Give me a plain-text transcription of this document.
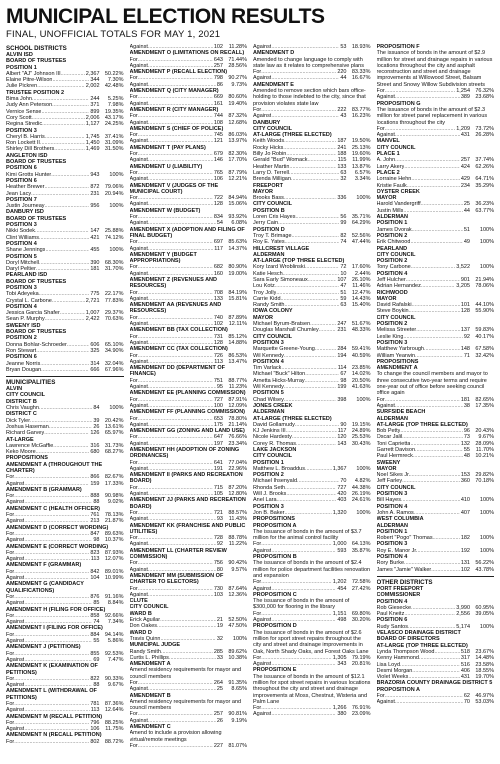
MUNICIPAL ELECTION RESULTS
FINAL, UNOFFICIAL TOTALS FOR MAY 1, 2021
SCHOOL DISTRICTS
ALVIN ISD
BOARD OF TRUSTEES
POSITION 1
Albert "AJ" Johnson III .....	2,367 50.22%
Elaine Pitre-Wilson .....	344	7.30%
Julie Pickren .....	2,002 42.48%
TRUSTEE POSITION 2
Bima John .....	244	5.25%
Judy Ann Peterson .....	371	7.98%
Vernice Sense .....	899 19.35%
Cory Scott .....	2,006 43.17%
Regina Stredic .....	1,127 24.25%
POSITION 3
Cheryl B. Harris .....	1,745 37.41%
Ron Lockett II .....	1,450 31.09%
Shirley Dill Brothers .....	1,469 31.50%
ANGLETON ISD
BOARD OF TRUSTEES
POSITION 6
Kimi Grotts Hunter .....	943	100%
POSITION 6
Heather Brewer .....	872 79.06%
Jean Lacy .....	231 20.94%
POSITION 7
Justin Journeay .....	956	100%
DANBURY ISD
BOARD OF TRUSTEES
POSITION 3
Nikki Sodek .....	147 25.88%
Clint Williams .....	421 74.12%
POSITION 4
Shane Jennings .....	455	100%
POSITION 5
Doryl Mitchell .....	390 68.30%
Daryl Peltier .....	181 31.70%
PEARLAND ISD
BOARD OF TRUSTEES
POSITION 3
Tobi Adeyeka .....	775 22.17%
Crystal L. Carbone .....	2,721 77.83%
POSITION 4
Jessica Garcia Shafer .....	1,007 29.37%
Sean P. Murphy .....	2,422 70.63%
SWEENY ISD
BOARD OF TRUSTEES
POSITION 2
Donna Bohlar-Schroeder .....	606 65.10%
Ron Stewart .....	325 34.90%
POSITION 6
Jeanne Norris .....	314 32.04%
Bryan Dougan .....	666 67.96%
MUNICIPALITIES
ALVIN
CITY COUNCIL
DISTRICT B
Chris Vaughn .....	84	100%
DISTRICT C
Dick Tyler .....	39 20.42%
Joshua Haseman .....	26 13.61%
Richard Garvey .....	126 65.97%
AT-LARGE
Lawrence McGaffie .....	316 31.73%
Keko Moore .....	680 68.27%
PROPOSITIONS
AMENDMENT A (THROUGHOUT THE CHARTER)
For .....	866 82.67%
Against .....	159 17.33%
AMENDMENT B (GRAMMAR)
For .....	888 90.98%
Against .....	88	9.02%
AMENDMENT C (HEALTH OFFICER)
For .....	761 78.13%
Against .....	213 21.87%
AMENDMENT D (CORRECT WORDING)
For .....	847 89.63%
Against .....	98 10.37%
AMENDMENT E (CORRECT WORDING)
For .....	823 87.93%
Against .....	113 12.07%
AMENDMENT F (GRAMMAR)
For .....	842 89.01%
Against .....	104 10.99%
AMENDMENT G (CANDIDACY QUALIFICATIONS)
For .....	876 91.16%
Against .....	85	8.84%
AMENDMENT H (FILING FOR OFFICE)
For .....	858 92.66%
Against .....	74	7.34%
AMENDMENT I (FILING FOR OFFICE)
For .....	884 94.14%
Against .....	55	5.86%
AMENDMENT J (PETITIONS)
For .....	855 92.53%
Against .....	69	7.47%
AMENDMENT K (EXAMINATION OF PETITIONS)
For .....	822 90.33%
Against .....	88	9.67%
AMENDMENT L (WITHDRAWAL OF PETITIONS)
For .....	781 87.36%
Against .....	113 12.64%
AMENDMENT M (RECALL PETITION)
For .....	796 88.25%
Against .....	106	11.75%
AMENDMENT N (RECALL PETITION)
For .....	802 88.72%
Against .....	102	11.28%
AMENDMENT O (LIMITATIONS ON RECALL)
For .....	643 71.44%
Against .....	257 28.56%
AMENDMENT P (RECALL ELECTION)
For .....	798 90.27%
Against .....	86	9.73%
AMENDMENT Q (CITY MANAGER)
For .....	669 80.60%
Against .....	161 19.40%
AMENDMENT R (CITY MANAGER)
For .....	744 87.32%
Against .....	108 12.68%
AMENDMENT S (CHIEF OF POLICE)
For .....	745 86.03%
Against .....	121 13.97%
AMENDMENT T (PAY PLANS)
For .....	679 82.30%
Against .....	146 17.70%
AMENDMENT U (LIABILITY)
For .....	765 87.79%
Against .....	106 12.21%
AMENDMENT V (JUDGES OF THE MUNICIPAL COURT)
For .....	722 84.94%
Against .....	128 15.06%
AMENDMENT W (BUDGET)
For .....	834 93.92%
Against .....	54	6.08%
AMENDMENT X (ADOPTION AND FILING OF FINAL BUDGET)
For .....	697 85.63%
Against .....	117 14.37%
AMENDMENT Y (BUDGET APPROPRIATIONS)
For .....	682 80.90%
Against .....	160 19.00%
AMENDMENT Z (REVENUES AND RESOURCES)
For .....	708 84.19%
Against .....	133 15.81%
AMENDMENT AA (REVENUES AND RESOURCES)
For .....	740 87.89%
Against .....	102	12.11%
AMENDMENT BB (TAX COLLECTION)
For .....	731 85.12%
Against .....	128 14.88%
AMENDMENT CC (TAX COLLECTION)
For .....	726 86.53%
Against .....	113 13.47%
AMENDMENT DD (DEPARTMENT OF FINANCE)
For .....	751 88.77%
Against .....	95	11.23%
AMENDMENT EE (PLANNING COMMISSION)
For .....	727 87.91%
Against .....	100 12.09%
AMENDMENT FF (PLANNING COMMISSION)
For .....	653 78.80%
Against .....	175 21.14%
AMENDMENT GG (ZONING AND LAND USE)
For .....	647 76.66%
Against .....	197 23.34%
AMENDMENT HH (ADOPTION OF ZONING ORDINANCES)
For .....	641 77.04%
Against .....	191 22.96%
AMENDMENT II (PARKS AND RECREATION BOARD)
For .....	715 87.20%
Against .....	105 12.80%
AMENDMENT JJ (PARKS AND RECREATION BOARD)
For .....	721 88.57%
Against .....	93	11.43%
AMENDMENT KK (FRANCHISE AND PUBLIC UTILITIES)
For .....	728 88.78%
Against .....	92	11.22%
AMENDMENT LL (CHARTER REVIEW COMMISSION)
For .....	756 90.42%
Against .....	80	9.57%
AMENDMENT MM (SUBMISSION OF CHARTER TO ELECTORS)
For .....	730 87.64%
Against .....	103 12.36%
CLUTE
CITY COUNCIL
WARD B
Erick Aguilar .....	21 52.50%
Don Oakes .....	19 47.50%
WARD D
Travis Quinn .....	32	100%
MUNICIPAL JUDGE
Randy Smith .....	285 89.62%
Curtis L. Phillips .....	33 10.38%
AMENDMENT A
Amend residency requirements for mayor and council members
For .....	264 91.35%
Against .....	25	8.65%
AMENDMENT B
Amend residency requirements for mayor and council members
For .....	257 90.81%
Against .....	26	9.19%
AMENDMENT C
Amend to include a provision allowing virtual/remote meetings
For .....	227 81.07%
Against .....	53 18.93%
AMENDMENT D
Amended to change language to comply with state law as it relates to comprehensive plans
For .....	220 83.33%
Against .....	44 16.67%
AMENDMENT E
Amended to remove section which bars office-holding to those indebted to the city, since that provision violates state law
For .....	222 83.77%
Against .....	43 16.23%
DANBURY
CITY COUNCIL
AT-LARGE (THREE ELECTED)
Keith Woods .....	187 19.50%
Rocky Hicks .....	241 25.13%
Billy Jo Robin .....	188 19.60%
Gerald "Bud" Womack .....	115	11.99%
Heather Martin .....	133 13.87%
Larry D. Terrell .....	63	6.57%
Brenda Milligan .....	32	3.34%
FREEPORT
MAYOR
Brooks Bass .....	336	100%
CITY COUNCIL
POSITION B
Loren Cris Hayes .....	56 35.71%
Jerry Cain .....	99 64.29%
POSITION D
Troy T. Brimage .....	82 52.56%
Roy E. Yates .....	74 47.44%
HILLCREST VILLAGE
ALDERMAN
AT-LARGE (TOP THREE ELECTED)
Kory Izard Wroblinski .....	72 17.60%
Katie Hesch .....	10	2.44%
Sara Early Simoneaux .....	107 26.10%
Lou Kotz .....	47	11.46%
Troy Jolly .....	51 12.47%
Carrie Kidd .....	59 14.43%
Randy Smith .....	63 15.40%
IOWA COLONY
MAYOR
Michael Byrum-Bratsen .....	247 51.67%
Douglas Marshall Chumley .....	231 48.33%
CITY COUNCIL
POSITION 3
Marquette Greene-Young .....	284 59.41%
Wil Kennedy .....	194 40.59%
POSITION 4
Tim Varlack .....	114 23.85%
Michael "Buck" Hilton .....	67 14.02%
Arnetta Hicks-Murray .....	98 20.50%
Wil Kennedy .....	199 41.63%
POSITION 5
Chad Wilsey .....	398	100%
JONES CREEK
ALDERMAN
AT-LARGE (THREE ELECTED)
David Gollamudy .....	90 19.15%
KJ Jenkins III .....	117 24.89%
Nicole Hardesty .....	120 25.53%
Corey R. Thomas .....	143 30.43%
LAKE JACKSON
CITY COUNCIL
POSITION 1
Matthew L. Broaddus .....	1,367	100%
POSITION 2
Michael Ihsenyald .....	70	4.82%
Rhonda Seth .....	727 44.38%
Will J. Brooks .....	420 26.19%
Anel Lara .....	403 24.61%
POSITION 3
Jon B. Baker .....	1,320	100%
PROPOSITIONS
PROPOSITION A
The issuance of bonds in the amount of $3.7 million for the animal control facility
For .....	1,000 64.13%
Against .....	593 35.87%
PROPOSITION B
The issuance of bonds in the amount of $2.4 million for police department facilities renovation and expansion
For .....	1,202 72.58%
Against .....	454 27.42%
PROPOSITION C
The issuance of bonds in the amount of $300,000 for flooring in the library
For .....	1,151 69.80%
Against .....	498 30.20%
PROPOSITION D
The issuance of bonds in the amount of $2.6 million for sport street repairs throughout the city and street and drainage improvements in Oak, North Shady Oaks, and Forest Oaks Lane
For .....	1,305 79.19%
Against .....	343 20.81%
PROPOSITION E
The issuance of bonds in the amount of $12.1 million for spot street repairs in various locations throughout the city and street and drainage improvements at Moss, Chestnut, Wisteria and Palm Lane
For .....	1,266 76.91%
Against .....	380 23.09%
PROPOSITION F
The issuance of bonds in the amount of $2.9 million for street and drainage repairs in various locations throughout the city and asphalt reconstruction and street and drainage improvements at Willowood Street, Balsam Street and Snowy Willow Subdivision streets
For .....	1,254 76.32%
Against .....	389 23.68%
PROPOSITION G
The issuance of bonds in the amount of $2.3 million for street panel replacement in various locations throughout the city
For .....	1,209 73.72%
Against .....	431 26.28%
MANVEL
CITY COUNCIL
PLACE 1
A. John .....	257 37.74%
Larry Akery .....	424 62.26%
PLACE 2
Lorraine Hehn .....	429 64.71%
Kristie Faulk .....	234 35.29%
OYSTER CREEK
MAYOR
Harold Vandergriff .....	25 36.23%
Justin Mills .....	44 63.77%
ALDERMAN
POSITION 1
James Dvorak .....	51	100%
POSITION 2
Erik Chitwood .....	49	100%
PEARLAND
CITY COUNCIL
POSITION 2
Tony Carbone .....	3,522	100%
POSITION 4
Jeff Hulcher .....	901 21.94%
Adrian Hernandez .....	3,205 78.06%
RICHWOOD
MAYOR
David Rafalski .....	101 44.10%
Steve Boykin .....	128 55.90%
CITY COUNCIL
POSITION 2
Melissa Streeter .....	137 59.83%
Leslie King .....	92 40.17%
POSITION 3
Matthew Yarbrough .....	148 67.58%
William Yearwin .....	71 32.42%
PROPOSITIONS
AMENDMENT A
To change the council members and mayor to three consecutive two-year terms and require one-year out of office before seeking council office again
For .....	181 82.65%
Against .....	38 17.35%
SURFSIDE BEACH
ALDERMAN
AT-LARGE (TOP THREE ELECTED)
Bob Petty .....	96 20.43%
Oscar Jalil .....	73	9.67%
Toni Caprietta .....	132 28.09%
Garrett Davison .....	55	11.70%
Paul Hermreck .....	48 10.21%
SWEENY
MAYOR
Noel Sikes Jr. .....	153 29.82%
Jeff Farley .....	360 70.18%
CITY COUNCIL
POSITION 3
Bill Hayes .....	410	100%
POSITION 4
John A. Ramos .....	407	100%
WEST COLUMBIA
ALDERMAN
POSITION 1
Robert "Pogo" Thomas .....	182	100%
POSITION 3
Roy E. Manor Jr. .....	192	100%
POSITION 4
Rory Burke .....	131 56.22%
James "Jamie" Walker .....	102 43.78%
OTHER DISTRICTS
PORT FREEPORT
COMMISSIONER
POSITION 4
Rob Giesecke .....	3,990 60.95%
Paul Kneitz .....	2,556 39.05%
POSITION 6
Rudy Santos .....	5,174	100%
VELASCO DRAINAGE DISTRICT
BOARD OF DIRECTORS
AT-LARGE (TOP THREE ELECTED)
Lynda Thompson Wood .....	518 23.67%
Kenny Hammond .....	317 14.48%
Lisa Loyd .....	516 23.58%
Desmi Morgan .....	406 18.55%
Violet Weeks .....	431 19.70%
BRAZORIA COUNTY DRAINAGE DISTRICT 5
PROPOSITION A
For .....	62 46.97%
Against .....	70 53.03%
